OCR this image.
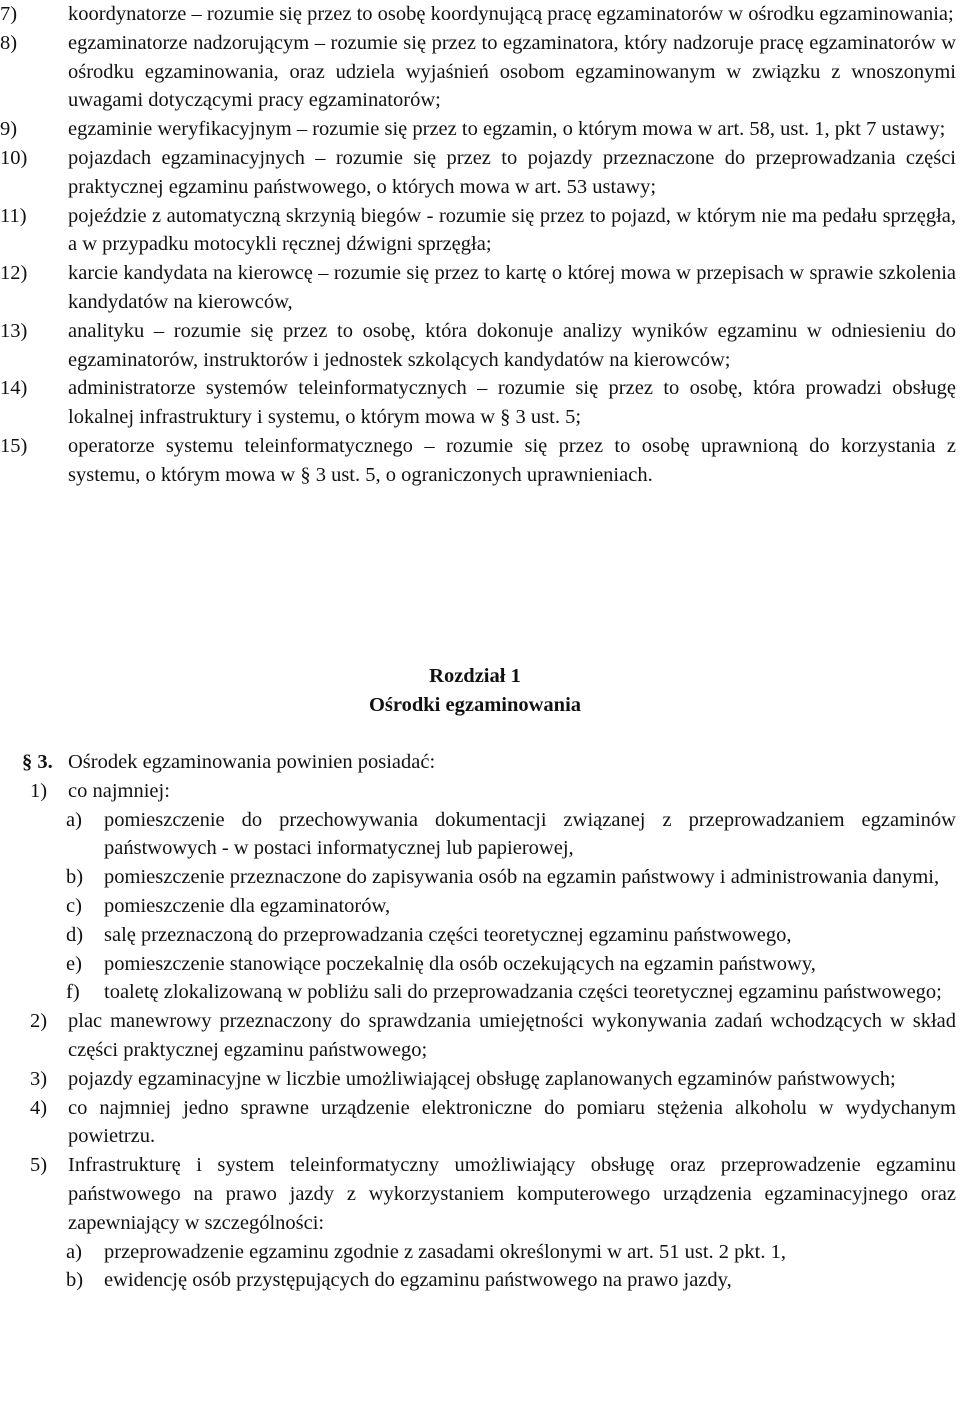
7) koordynatorze – rozumie się przez to osobę koordynującą pracę egzaminatorów w ośrodku egzaminowania;
8) egzaminatorze nadzorującym – rozumie się przez to egzaminatora, który nadzoruje pracę egzaminatorów w ośrodku egzaminowania, oraz udziela wyjaśnień osobom egzaminowanym w związku z wnoszonymi uwagami dotyczącymi pracy egzaminatorów;
9) egzaminie weryfikacyjnym – rozumie się przez to egzamin, o którym mowa w art. 58, ust. 1, pkt 7 ustawy;
10) pojazdach egzaminacyjnych – rozumie się przez to pojazdy przeznaczone do przeprowadzania części praktycznej egzaminu państwowego, o których mowa w art. 53 ustawy;
11) pojeździe z automatyczną skrzynią biegów - rozumie się przez to pojazd, w którym nie ma pedału sprzęgła, a w przypadku motocykli ręcznej dźwigni sprzęgła;
12) karcie kandydata na kierowcę – rozumie się przez to kartę o której mowa w przepisach w sprawie szkolenia kandydatów na kierowców,
13) analityku – rozumie się przez to osobę, która dokonuje analizy wyników egzaminu w odniesieniu do egzaminatorów, instruktorów i jednostek szkolących kandydatów na kierowców;
14) administratorze systemów teleinformatycznych – rozumie się przez to osobę, która prowadzi obsługę lokalnej infrastruktury i systemu, o którym mowa w § 3 ust. 5;
15) operatorze systemu teleinformatycznego – rozumie się przez to osobę uprawnioną do korzystania z systemu, o którym mowa w § 3 ust. 5, o ograniczonych uprawnieniach.
Rozdział 1
Ośrodki egzaminowania
§ 3. Ośrodek egzaminowania powinien posiadać:
1) co najmniej:
a) pomieszczenie do przechowywania dokumentacji związanej z przeprowadzaniem egzaminów państwowych - w postaci informatycznej lub papierowej,
b) pomieszczenie przeznaczone do zapisywania osób na egzamin państwowy i administrowania danymi,
c) pomieszczenie dla egzaminatorów,
d) salę przeznaczoną do przeprowadzania części teoretycznej egzaminu państwowego,
e) pomieszczenie stanowiące poczekalnię dla osób oczekujących na egzamin państwowy,
f) toaletę zlokalizowaną w pobliżu sali do przeprowadzania części teoretycznej egzaminu państwowego;
2) plac manewrowy przeznaczony do sprawdzania umiejętności wykonywania zadań wchodzących w skład części praktycznej egzaminu państwowego;
3) pojazdy egzaminacyjne w liczbie umożliwiającej obsługę zaplanowanych egzaminów państwowych;
4) co najmniej jedno sprawne urządzenie elektroniczne do pomiaru stężenia alkoholu w wydychanym powietrzu.
5) Infrastrukturę i system teleinformatyczny umożliwiający obsługę oraz przeprowadzenie egzaminu państwowego na prawo jazdy z wykorzystaniem komputerowego urządzenia egzaminacyjnego oraz zapewniający w szczególności:
a) przeprowadzenie egzaminu zgodnie z zasadami określonymi w art. 51 ust. 2 pkt. 1,
b) ewidencję osób przystępujących do egzaminu państwowego na prawo jazdy,
